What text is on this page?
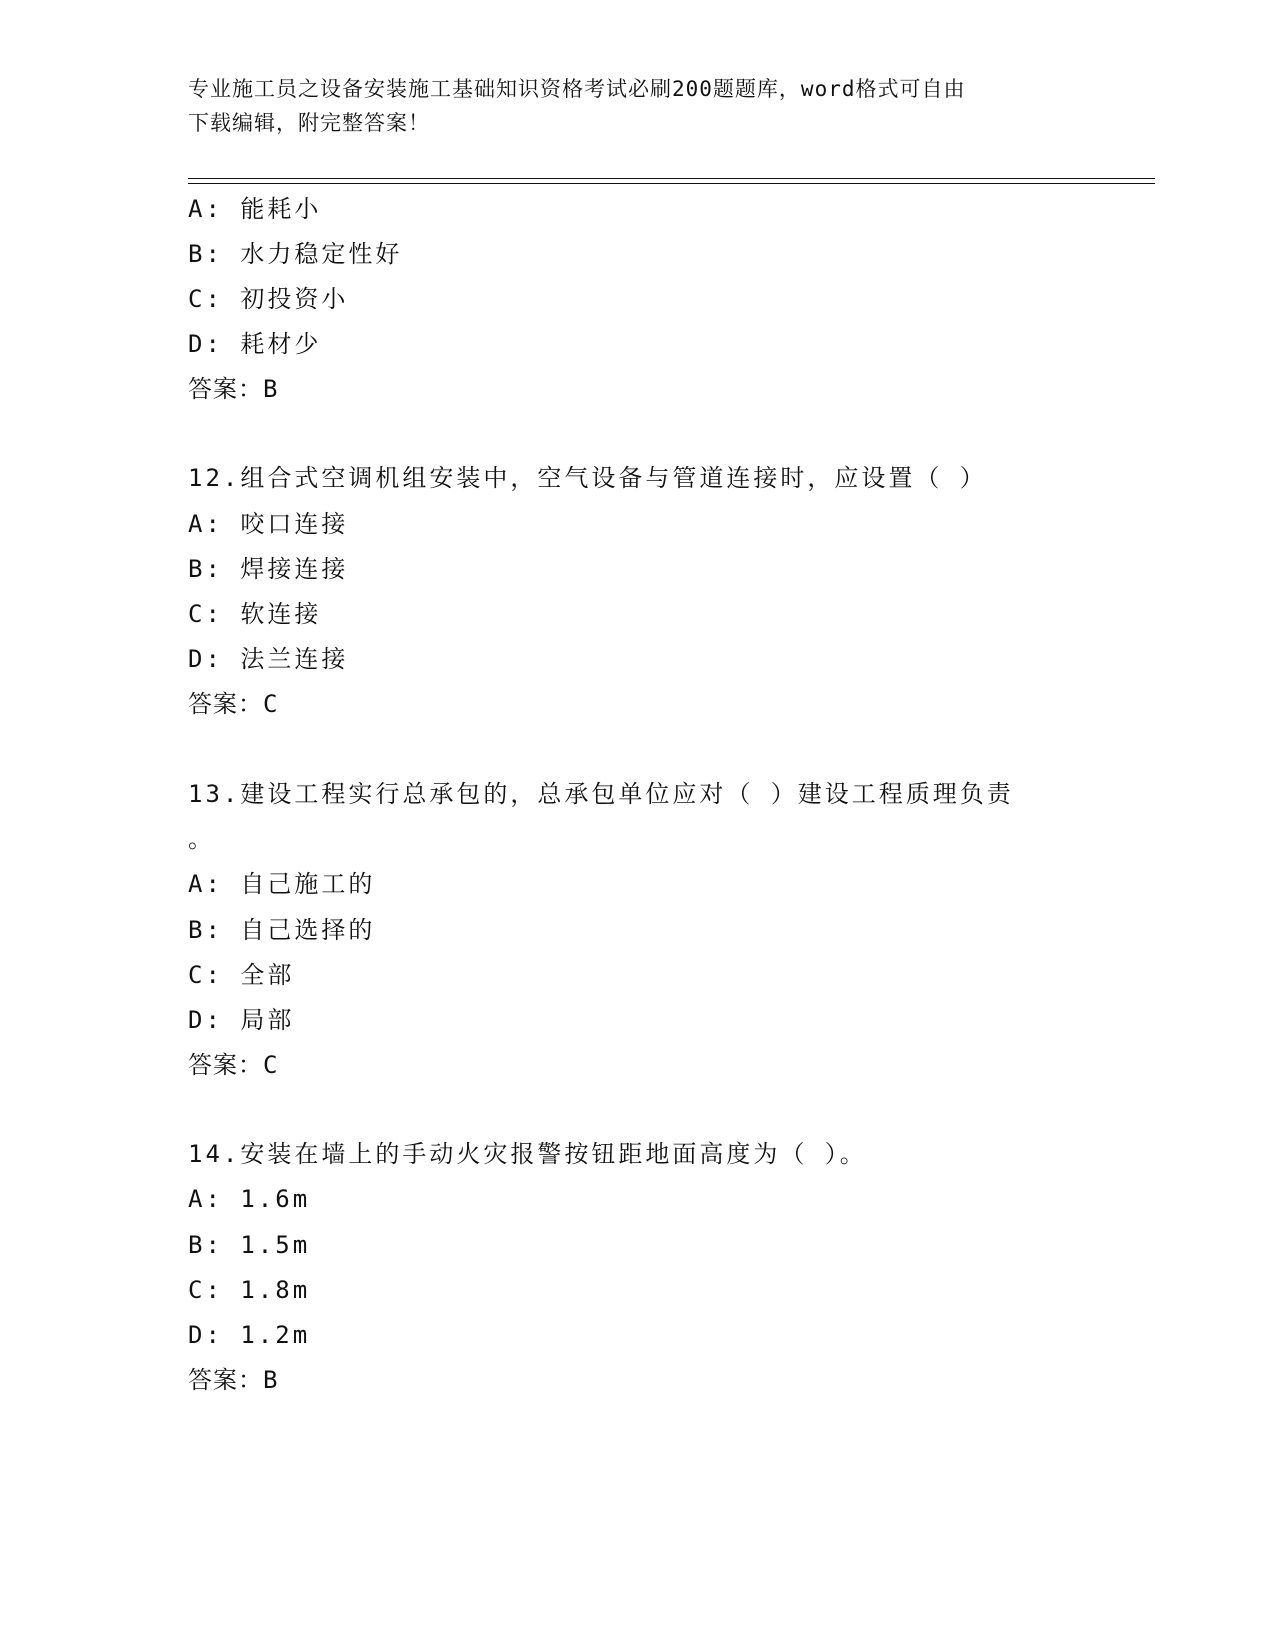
专业施工员之设备安装施工基础知识资格考试必刷200题题库，word格式可自由
下载编辑，附完整答案！
A: 能耗小
B: 水力稳定性好
C: 初投资小
D: 耗材少
答案：B
12.组合式空调机组安装中，空气设备与管道连接时，应设置（ ）
A: 咬口连接
B: 焊接连接
C: 软连接
D: 法兰连接
答案：C
13.建设工程实行总承包的，总承包单位应对（ ）建设工程质理负责
。
A: 自己施工的
B: 自己选择的
C: 全部
D: 局部
答案：C
14.安装在墙上的手动火灾报警按钮距地面高度为（ ）。
A: 1.6m
B: 1.5m
C: 1.8m
D: 1.2m
答案：B
